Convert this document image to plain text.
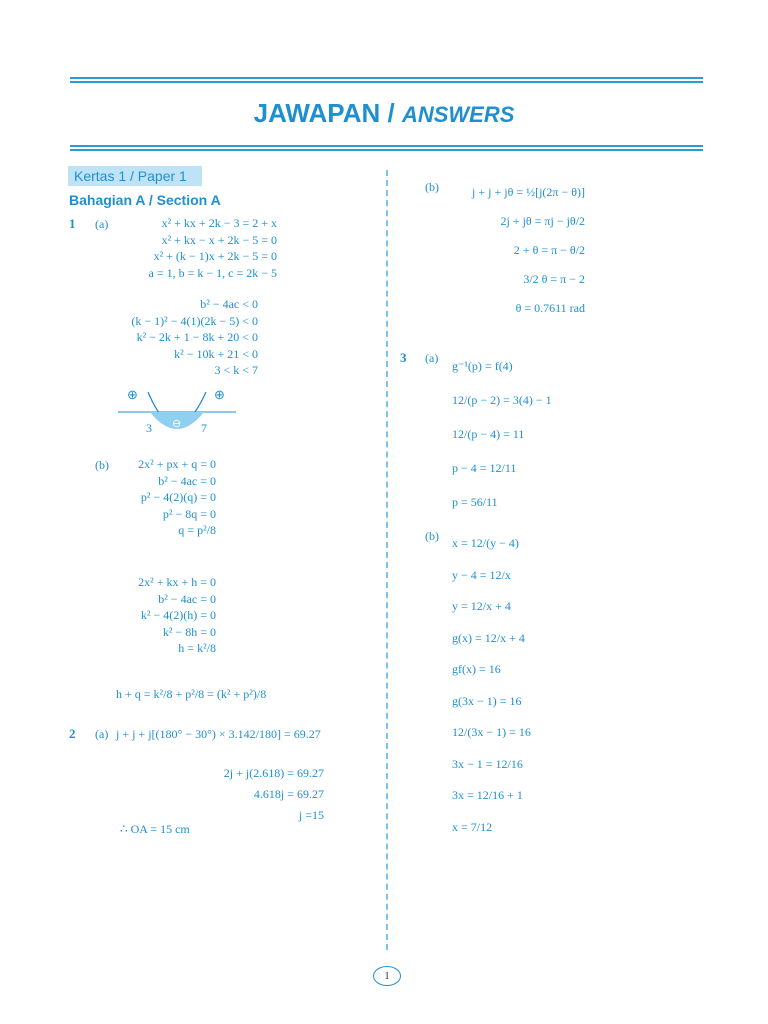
JAWAPAN / ANSWERS
Kertas 1 / Paper 1
Bahagian A / Section A
1 (a)	x² + kx + 2k − 3 = 2 + x
x² + kx − x + 2k − 5 = 0
x² + (k − 1)x + 2k − 5 = 0
a = 1, b = k − 1, c = 2k − 5
b² − 4ac < 0
(k − 1)² − 4(1)(2k − 5) < 0
k² − 2k + 1 − 8k + 20 < 0
k² − 10k + 21 < 0
3 < k < 7
⊕	⊕
⊖
3	7
(b)	2x² + px + q = 0
b² − 4ac = 0
p² − 4(2)(q) = 0
p² − 8q = 0
q = p²/8
2x² + kx + h = 0
b² − 4ac = 0
k² − 4(2)(h) = 0
k² − 8h = 0
h = k²/8
h + q = k²/8 + p²/8 = (k² + p²)/8
2 (a) j + j + j[(180° − 30°) × 3.142/180] = 69.27
2j + j(2.618) = 69.27
4.618j = 69.27
j =15
∴ OA = 15 cm
(b)	j + j + jθ = ½[j(2π − θ)]
2j + jθ = πj − jθ/2
2 + θ = π − θ/2
3/2 θ = π − 2
θ = 0.7611 rad
3 (a)
g⁻¹(p) = f(4)
12/(p − 2) = 3(4) − 1
12/(p − 4) = 11
p − 4 = 12/11
p = 56/11
(b) x = 12/(y − 4)
y − 4 = 12/x
y = 12/x + 4
g(x) = 12/x + 4
gf(x) = 16
g(3x − 1) = 16
12/(3x − 1) = 16
3x − 1 = 12/16
3x = 12/16 + 1
x = 7/12
1
